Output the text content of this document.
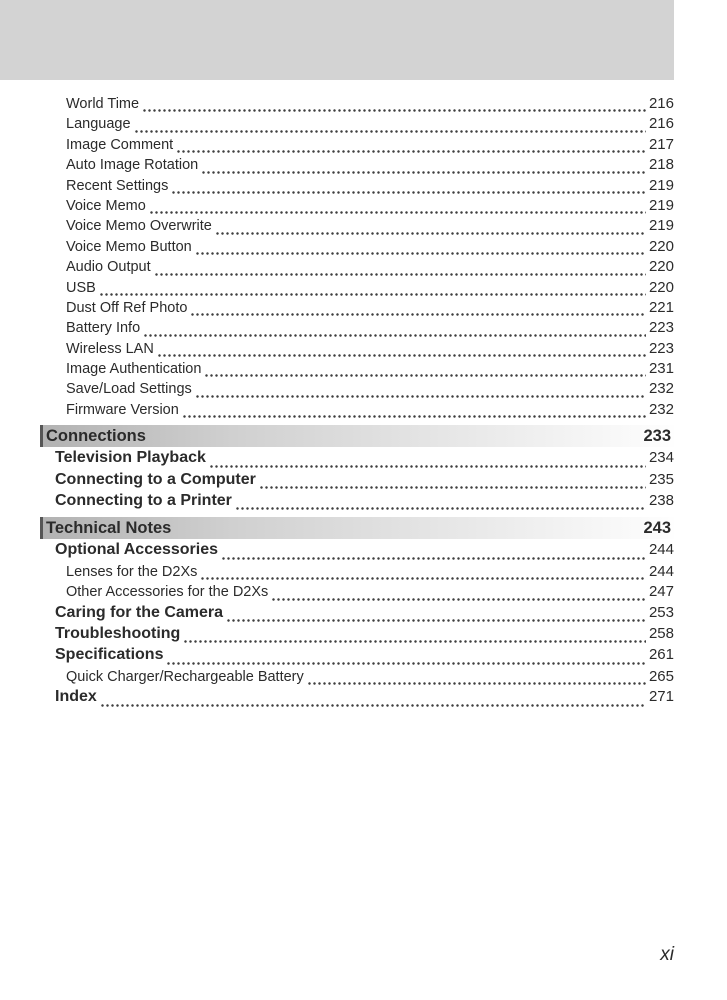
World Time	216
Language	216
Image Comment	217
Auto Image Rotation	218
Recent Settings	219
Voice Memo	219
Voice Memo Overwrite	219
Voice Memo Button	220
Audio Output	220
USB	220
Dust Off Ref Photo	221
Battery Info	223
Wireless LAN	223
Image Authentication	231
Save/Load Settings	232
Firmware Version	232
Connections	233
Television Playback	234
Connecting to a Computer	235
Connecting to a Printer	238
Technical Notes	243
Optional Accessories	244
Lenses for the D2Xs	244
Other Accessories for the D2Xs	247
Caring for the Camera	253
Troubleshooting	258
Specifications	261
Quick Charger/Rechargeable Battery	265
Index	271
xi
